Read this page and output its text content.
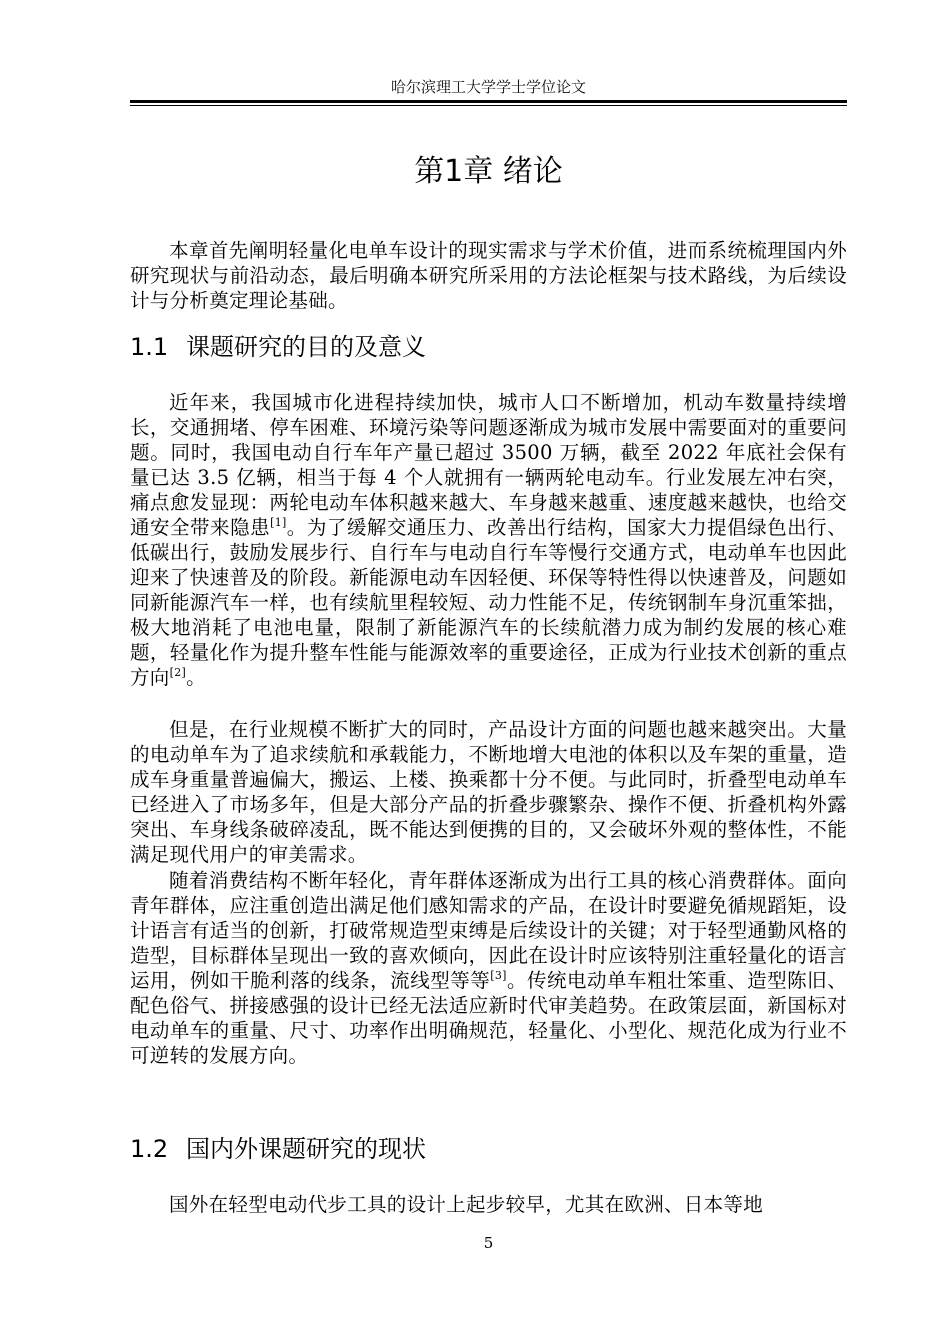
哈尔滨理工大学学士学位论文
第1章 绪论

本章首先阐明轻量化电单车设计的现实需求与学术价值，进而系统梳理国内外研究现状与前沿动态，最后明确本研究所采用的方法论框架与技术路线，为后续设计与分析奠定理论基础。

1.1 课题研究的目的及意义

近年来，我国城市化进程持续加快，城市人口不断增加，机动车数量持续增长，交通拥堵、停车困难、环境污染等问题逐渐成为城市发展中需要面对的重要问题。同时，我国电动自行车年产量已超过 3500 万辆，截至 2022 年底社会保有量已达 3.5 亿辆，相当于每 4 个人就拥有一辆两轮电动车。行业发展左冲右突，痛点愈发显现：两轮电动车体积越来越大、车身越来越重、速度越来越快，也给交通安全带来隐患[1]。为了缓解交通压力、改善出行结构，国家大力提倡绿色出行、低碳出行，鼓励发展步行、自行车与电动自行车等慢行交通方式，电动单车也因此迎来了快速普及的阶段。新能源电动车因轻便、环保等特性得以快速普及，问题如同新能源汽车一样，也有续航里程较短、动力性能不足，传统钢制车身沉重笨拙，极大地消耗了电池电量，限制了新能源汽车的长续航潜力成为制约发展的核心难题，轻量化作为提升整车性能与能源效率的重要途径，正成为行业技术创新的重点方向[2]。

但是，在行业规模不断扩大的同时，产品设计方面的问题也越来越突出。大量的电动单车为了追求续航和承载能力，不断地增大电池的体积以及车架的重量，造成车身重量普遍偏大，搬运、上楼、换乘都十分不便。与此同时，折叠型电动单车已经进入了市场多年，但是大部分产品的折叠步骤繁杂、操作不便、折叠机构外露突出、车身线条破碎凌乱，既不能达到便携的目的，又会破坏外观的整体性，不能满足现代用户的审美需求。

随着消费结构不断年轻化，青年群体逐渐成为出行工具的核心消费群体。面向青年群体，应注重创造出满足他们感知需求的产品，在设计时要避免循规蹈矩，设计语言有适当的创新，打破常规造型束缚是后续设计的关键；对于轻型通勤风格的造型，目标群体呈现出一致的喜欢倾向，因此在设计时应该特别注重轻量化的语言运用，例如干脆利落的线条，流线型等等[3]。传统电动单车粗壮笨重、造型陈旧、配色俗气、拼接感强的设计已经无法适应新时代审美趋势。在政策层面，新国标对电动单车的重量、尺寸、功率作出明确规范，轻量化、小型化、规范化成为行业不可逆转的发展方向。

1.2 国内外课题研究的现状

国外在轻型电动代步工具的设计上起步较早，尤其在欧洲、日本等地

5
